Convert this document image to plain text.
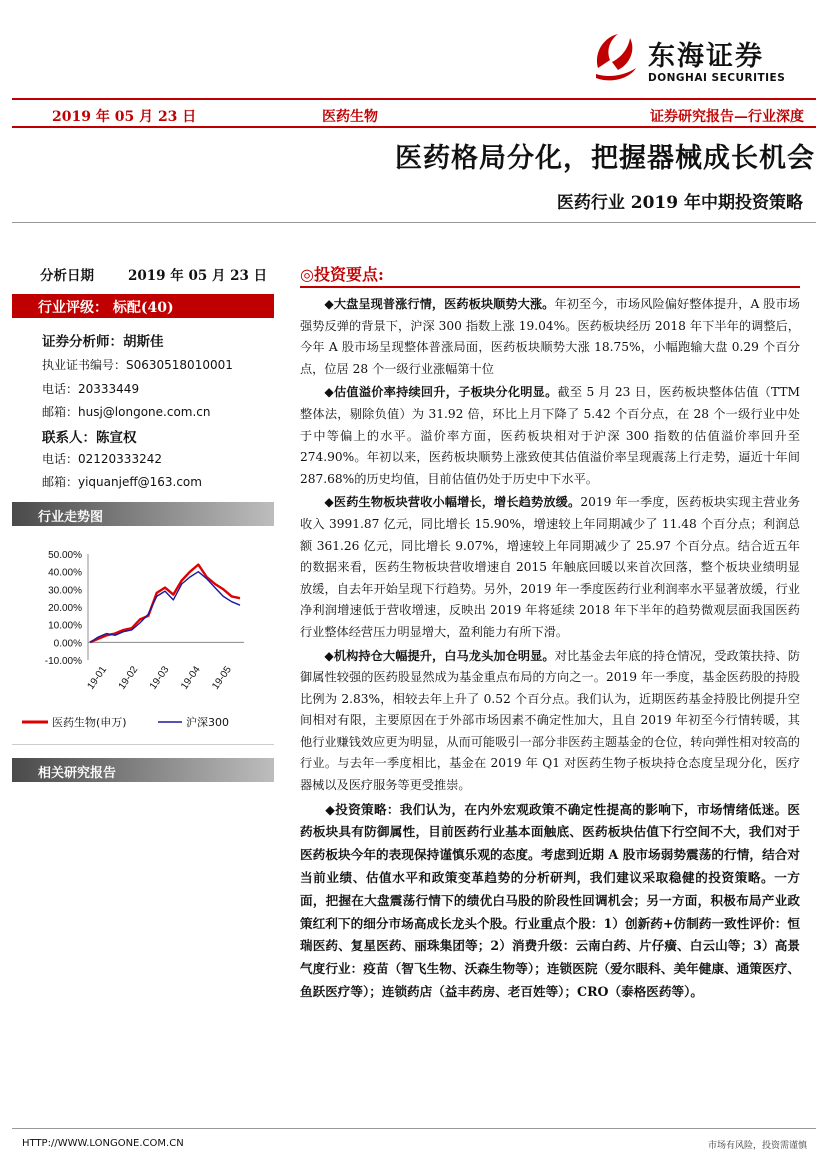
东海证券
DONGHAI SECURITIES
2019 年 05 月 23 日	医药生物	证券研究报告—行业深度
医药格局分化，把握器械成长机会
医药行业 2019 年中期投资策略
分析日期	2019 年 05 月 23 日
行业评级： 标配(40)
证券分析师：胡斯佳
执业证书编号：S0630518010001
电话：20333449
邮箱：husj@longone.com.cn
联系人：陈宣权
电话：02120333242
邮箱：yiquanjeff@163.com
行业走势图
相关研究报告
50.00%
40.00%
30.00%
20.00%
10.00%
0.00%
-10.00%
19-01 19-02 19-03 19-04 19-05
医药生物(申万)	沪深300
◎投资要点:

◆大盘呈现普涨行情，医药板块顺势大涨。年初至今，市场风险偏好整体提升，A 股市场强势反弹的背景下，沪深 300 指数上涨 19.04%。医药板块经历 2018 年下半年的调整后，今年 A 股市场呈现整体普涨局面，医药板块顺势大涨 18.75%，小幅跑输大盘 0.29 个百分点，位居 28 个一级行业涨幅第十位

◆估值溢价率持续回升，子板块分化明显。截至 5 月 23 日，医药板块整体估值（TTM 整体法，剔除负值）为 31.92 倍，环比上月下降了 5.42 个百分点，在 28 个一级行业中处于中等偏上的水平。溢价率方面，医药板块相对于沪深 300 指数的估值溢价率回升至 274.90%。年初以来，医药板块顺势上涨致使其估值溢价率呈现震荡上行走势，逼近十年间 287.68%的历史均值，目前估值仍处于历史中下水平。

◆医药生物板块营收小幅增长，增长趋势放缓。2019 年一季度，医药板块实现主营业务收入 3991.87 亿元，同比增长 15.90%，增速较上年同期减少了 11.48 个百分点；利润总额 361.26 亿元，同比增长 9.07%，增速较上年同期减少了 25.97 个百分点。结合近五年的数据来看，医药生物板块营收增速自 2015 年触底回暖以来首次回落，整个板块业绩明显放缓，自去年开始呈现下行趋势。另外，2019 年一季度医药行业利润率水平显著放缓，行业净利润增速低于营收增速，反映出 2019 年将延续 2018 年下半年的趋势微观层面我国医药行业整体经营压力明显增大，盈利能力有所下滑。

◆机构持仓大幅提升，白马龙头加仓明显。对比基金去年底的持仓情况，受政策扶持、防御属性较强的医药股显然成为基金重点布局的方向之一。2019 年一季度，基金医药股的持股比例为 2.83%，相较去年上升了 0.52 个百分点。我们认为，近期医药基金持股比例提升空间相对有限，主要原因在于外部市场因素不确定性加大，且自 2019 年初至今行情转暖，其他行业赚钱效应更为明显，从而可能吸引一部分非医药主题基金的仓位，转向弹性相对较高的行业。与去年一季度相比，基金在 2019 年 Q1 对医药生物子板块持仓态度呈现分化，医疗器械以及医疗服务等更受推崇。

◆投资策略：我们认为，在内外宏观政策不确定性提高的影响下，市场情绪低迷。医药板块具有防御属性，目前医药行业基本面触底、医药板块估值下行空间不大，我们对于医药板块今年的表现保持谨慎乐观的态度。考虑到近期 A 股市场弱势震荡的行情，结合对当前业绩、估值水平和政策变革趋势的分析研判，我们建议采取稳健的投资策略。一方面，把握在大盘震荡行情下的绩优白马股的阶段性回调机会；另一方面，积极布局产业政策红利下的细分市场高成长龙头个股。行业重点个股：1）创新药+仿制药一致性评价：恒瑞医药、复星医药、丽珠集团等；2）消费升级：云南白药、片仔癀、白云山等；3）高景气度行业：疫苗（智飞生物、沃森生物等）；连锁医院（爱尔眼科、美年健康、通策医疗、鱼跃医疗等）；连锁药店（益丰药房、老百姓等）；CRO（泰格医药等）。

HTTP://WWW.LONGONE.COM.CN	市场有风险，投资需谨慎
